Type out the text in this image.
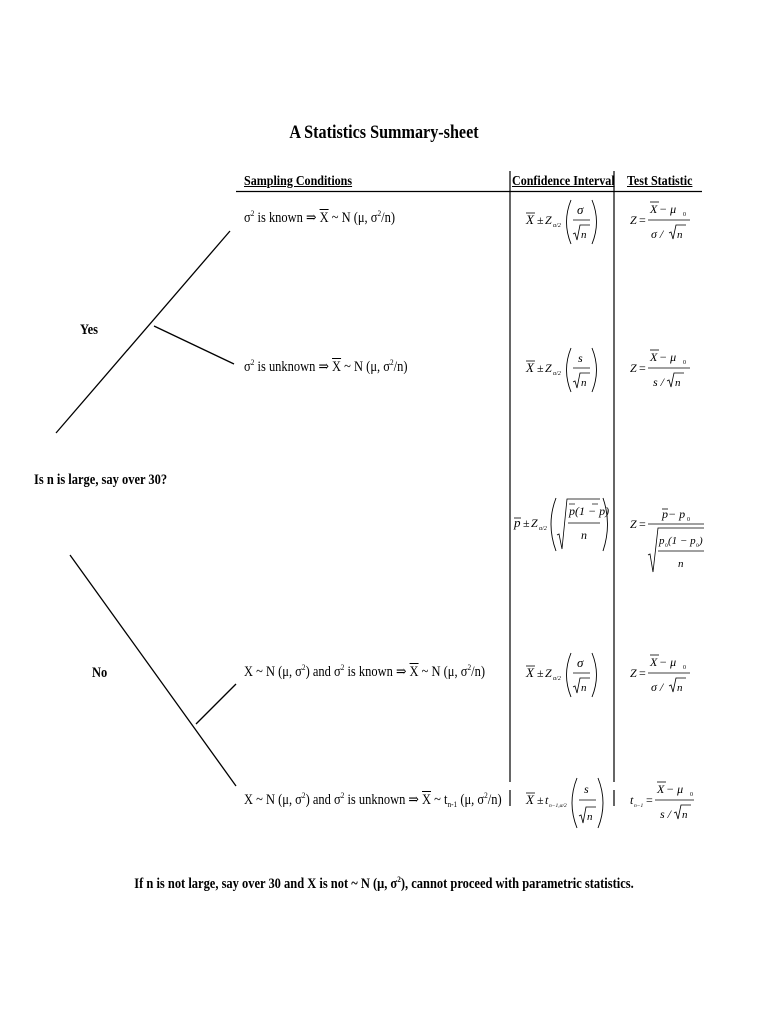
A Statistics Summary-sheet
Sampling Conditions	Confidence Interval Test Statistic
Yes
Is n is large, say over 30?
No
$\sigma^2$ is known ⇒ $\overline{X}$ ~ N (μ, $\sigma^2/n$)
$\sigma^2$ is unknown ⇒ $\overline{X}$ ~ N (μ, $\sigma^2/n$)
X ~ N (μ, $\sigma^2$) and $\sigma^2$ is known ⇒ $\overline{X}$ ~ N (μ, $\sigma^2/n$)
X ~ N (μ, $\sigma^2$) and $\sigma^2$ is unknown ⇒ $\overline{X}$ ~ $t_{n-1}$ (μ, $\sigma^2/n$)
X ± Z α/2
σ
n
X ± Z α/2
s
n
p ± Z α/2
p(1 − p)
n
X ± Z α/2
σ
n
X ± t n−1,α/2
s
n
Z =
X − μ 0
σ / n
Z =
X − μ 0
s / n
Z =
p − p 0
p 0 (1 − p 0 )
n
Z =
X − μ 0
σ / n
t n−1 =
X − μ 0
s / n
If n is not large, say over 30 and X is not ~ N (μ, $\sigma^2$), cannot proceed with parametric statistics.
